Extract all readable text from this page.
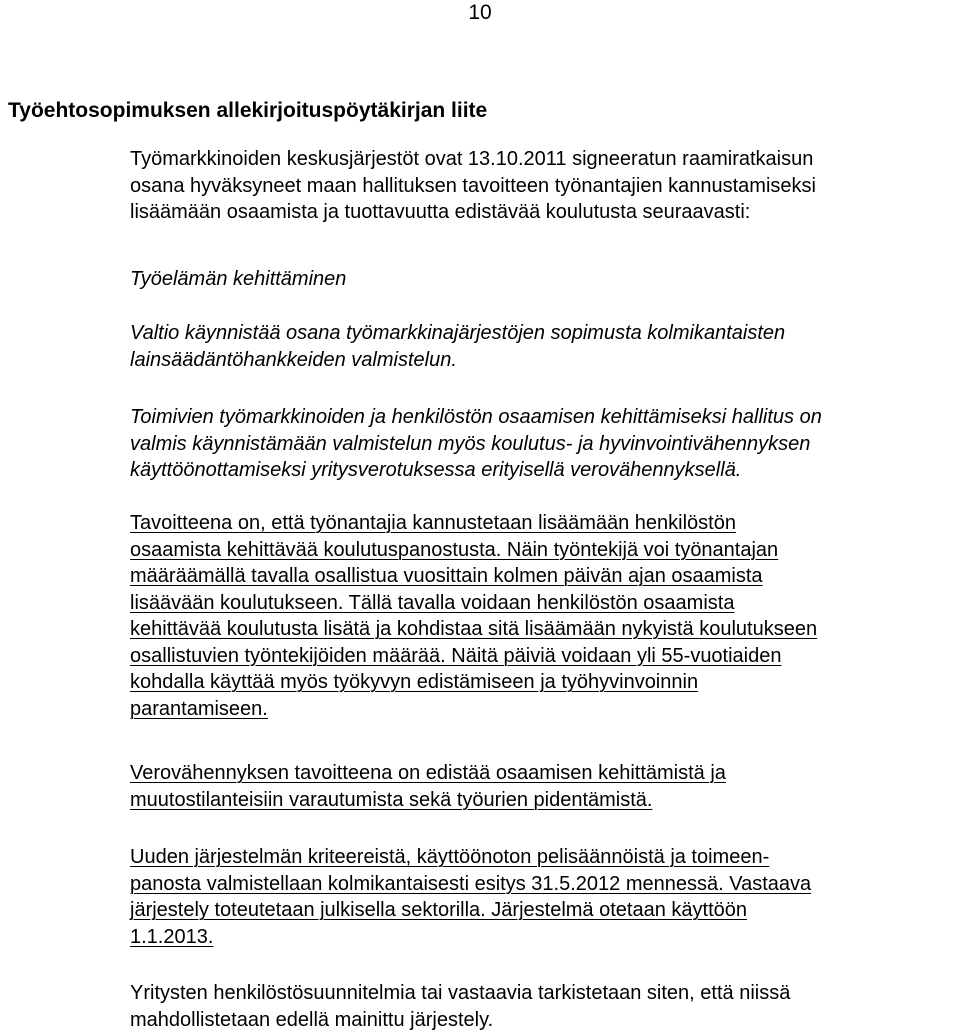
10
Työehtosopimuksen allekirjoituspöytäkirjan liite

Työmarkkinoiden keskusjärjestöt ovat 13.10.2011 signeeratun raamiratkaisun
osana hyväksyneet maan hallituksen tavoitteen työnantajien kannustamiseksi
lisäämään osaamista ja tuottavuutta edistävää koulutusta seuraavasti:

Työelämän kehittäminen

Valtio käynnistää osana työmarkkinajärjestöjen sopimusta kolmikantaisten
lainsäädäntöhankkeiden valmistelun.

Toimivien työmarkkinoiden ja henkilöstön osaamisen kehittämiseksi hallitus on
valmis käynnistämään valmistelun myös koulutus- ja hyvinvointivähennyksen
käyttöönottamiseksi yritysverotuksessa erityisellä verovähennyksellä.

Tavoitteena on, että työnantajia kannustetaan lisäämään henkilöstön
osaamista kehittävää koulutuspanostusta. Näin työntekijä voi työnantajan
määräämällä tavalla osallistua vuosittain kolmen päivän ajan osaamista
lisäävään koulutukseen. Tällä tavalla voidaan henkilöstön osaamista
kehittävää koulutusta lisätä ja kohdistaa sitä lisäämään nykyistä koulutukseen
osallistuvien työntekijöiden määrää. Näitä päiviä voidaan yli 55-vuotiaiden
kohdalla käyttää myös työkyvyn edistämiseen ja työhyvinvoinnin
parantamiseen.

Verovähennyksen tavoitteena on edistää osaamisen kehittämistä ja
muutostilanteisiin varautumista sekä työurien pidentämistä.

Uuden järjestelmän kriteereistä, käyttöönoton pelisäännöistä ja toimeen-
panosta valmistellaan kolmikantaisesti esitys 31.5.2012 mennessä. Vastaava
järjestely toteutetaan julkisella sektorilla. Järjestelmä otetaan käyttöön
1.1.2013.

Yritysten henkilöstösuunnitelmia tai vastaavia tarkistetaan siten, että niissä
mahdollistetaan edellä mainittu järjestely.
